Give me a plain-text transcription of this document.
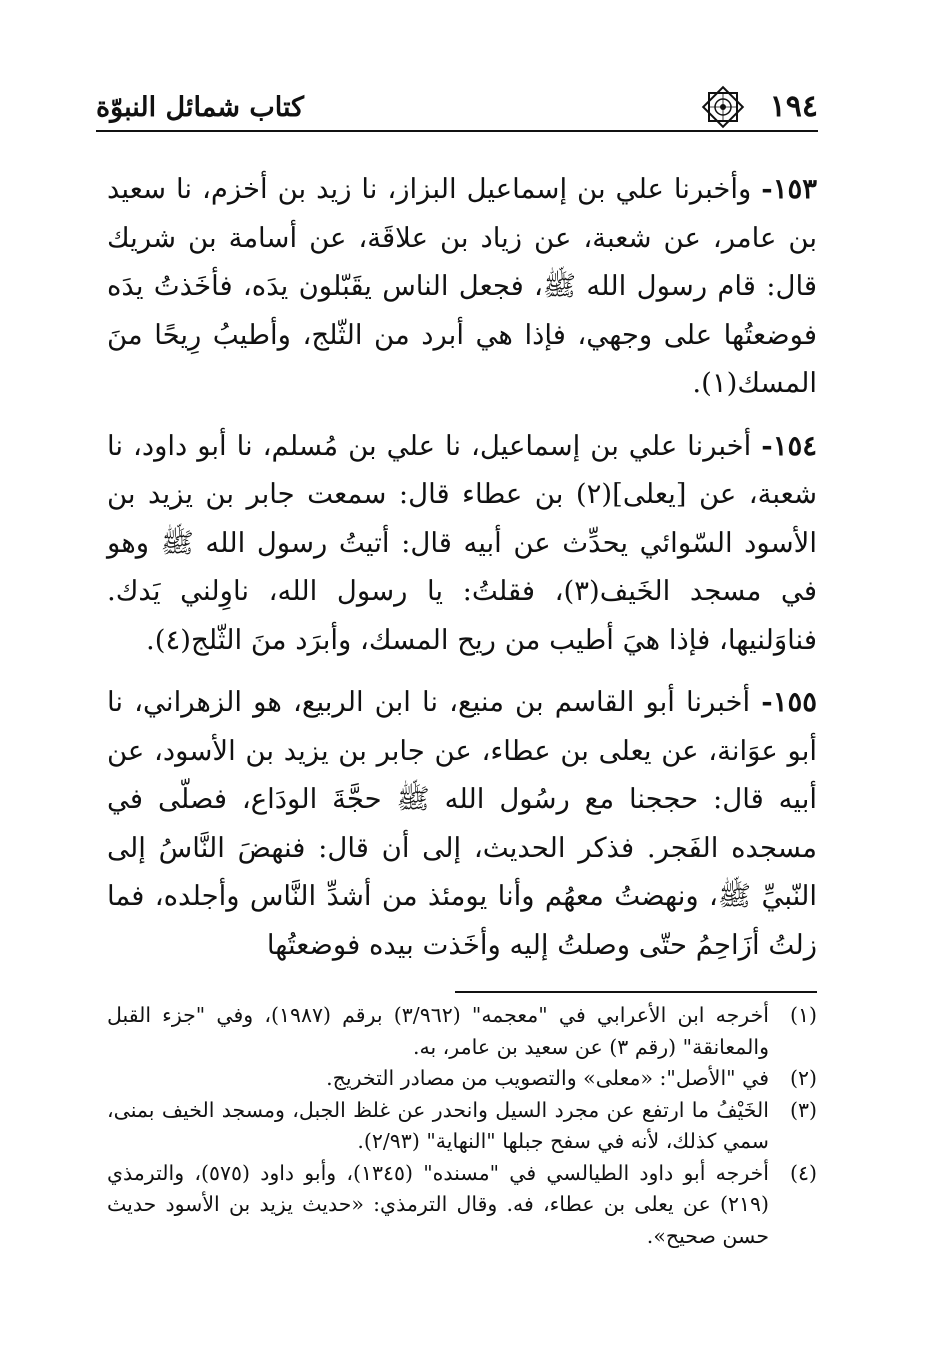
١٩٤
كتاب شمائل النبوّة

١٥٣- وأخبرنا علي بن إسماعيل البزاز، نا زيد بن أخزم، نا سعيد بن عامر، عن شعبة، عن زياد بن علاقَة، عن أسامة بن شريك قال: قام رسول الله ﷺ، فجعل الناس يقَبّلون يدَه، فأخَذتُ يدَه فوضعتُها على وجهي، فإذا هي أبرد من الثّلج، وأطيبُ رِيحًا منَ المسك(١).

١٥٤- أخبرنا علي بن إسماعيل، نا علي بن مُسلم، نا أبو داود، نا شعبة، عن [يعلى](٢) بن عطاء قال: سمعت جابر بن يزيد بن الأسود السّوائي يحدِّث عن أبيه قال: أتيتُ رسول الله ﷺ وهو في مسجد الخَيف(٣)، فقلتُ: يا رسول الله، ناوِلني يَدك. فناوَلنيها، فإذا هيَ أطيب من ريح المسك، وأبرَد منَ الثّلج(٤).

١٥٥- أخبرنا أبو القاسم بن منيع، نا ابن الربيع، هو الزهراني، نا أبو عوَانة، عن يعلى بن عطاء، عن جابر بن يزيد بن الأسود، عن أبيه قال: حججنا مع رسُول الله ﷺ حجَّةَ الودَاع، فصلّى في مسجده الفَجر. فذكر الحديث، إلى أن قال: فنهضَ النَّاسُ إلى النّبيِّ ﷺ، ونهضتُ معهُم وأنا يومئذ من أشدِّ النَّاس وأجلده، فما زلتُ أزَاحِمُ حتّى وصلتُ إليه وأخَذت بيده فوضعتُها

(١)
أخرجه ابن الأعرابي في "معجمه" (٣/٩٦٢) برقم (١٩٨٧)، وفي "جزء القبل والمعانقة" (رقم ٣) عن سعيد بن عامر، به.
(٢)
في "الأصل": «معلى» والتصويب من مصادر التخريج.
(٣)
الخَيْفُ ما ارتفع عن مجرد السيل وانحدر عن غلظ الجبل، ومسجد الخيف بمنى، سمي كذلك، لأنه في سفح جبلها "النهاية" (٢/٩٣).
(٤)
أخرجه أبو داود الطيالسي في "مسنده" (١٣٤٥)، وأبو داود (٥٧٥)، والترمذي (٢١٩) عن يعلى بن عطاء، فه. وقال الترمذي: «حديث يزيد بن الأسود حديث حسن صحيح».
